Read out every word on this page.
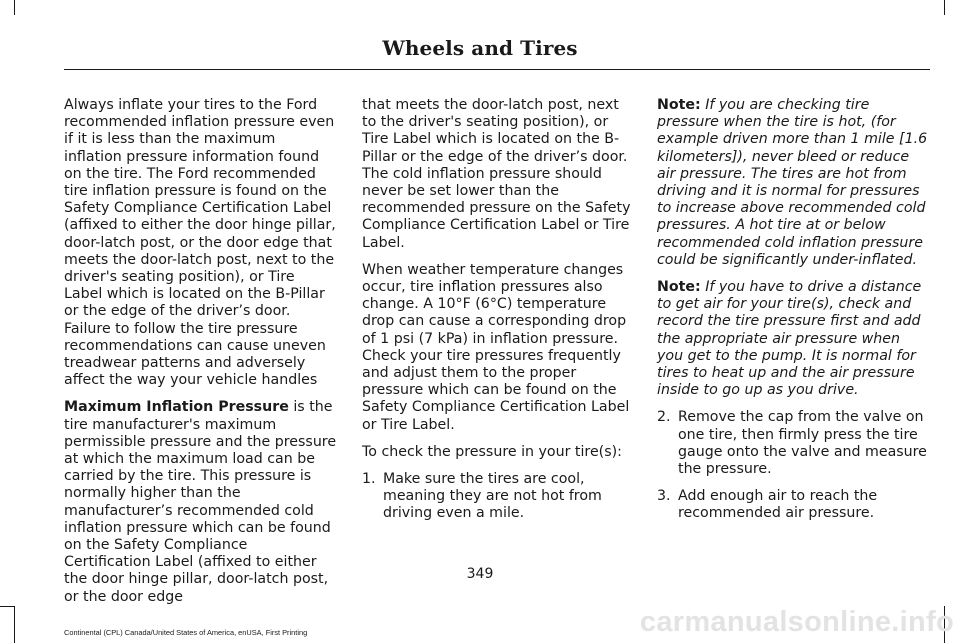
Wheels and Tires

Always inflate your tires to the Ford recommended inflation pressure even if it is less than the maximum inflation pressure information found on the tire. The Ford recommended tire inflation pressure is found on the Safety Compliance Certification Label (affixed to either the door hinge pillar, door-latch post, or the door edge that meets the door-latch post, next to the driver's seating position), or Tire Label which is located on the B-Pillar or the edge of the driver’s door. Failure to follow the tire pressure recommendations can cause uneven treadwear patterns and adversely affect the way your vehicle handles

Maximum Inflation Pressure is the tire manufacturer's maximum permissible pressure and the pressure at which the maximum load can be carried by the tire. This pressure is normally higher than the manufacturer’s recommended cold inflation pressure which can be found on the Safety Compliance Certification Label (affixed to either the door hinge pillar, door-latch post, or the door edge

that meets the door-latch post, next to the driver's seating position), or Tire Label which is located on the B-Pillar or the edge of the driver’s door. The cold inflation pressure should never be set lower than the recommended pressure on the Safety Compliance Certification Label or Tire Label.

When weather temperature changes occur, tire inflation pressures also change. A 10°F (6°C) temperature drop can cause a corresponding drop of 1 psi (7 kPa) in inflation pressure. Check your tire pressures frequently and adjust them to the proper pressure which can be found on the Safety Compliance Certification Label or Tire Label.

To check the pressure in your tire(s):

1. Make sure the tires are cool, meaning they are not hot from driving even a mile.

Note: If you are checking tire pressure when the tire is hot, (for example driven more than 1 mile [1.6 kilometers]), never bleed or reduce air pressure. The tires are hot from driving and it is normal for pressures to increase above recommended cold pressures. A hot tire at or below recommended cold inflation pressure could be significantly under-inflated.

Note: If you have to drive a distance to get air for your tire(s), check and record the tire pressure first and add the appropriate air pressure when you get to the pump. It is normal for tires to heat up and the air pressure inside to go up as you drive.

2. Remove the cap from the valve on one tire, then firmly press the tire gauge onto the valve and measure the pressure.
3. Add enough air to reach the recommended air pressure.
349
carmanualsonline.info
Continental (CPL) Canada/United States of America, enUSA, First Printing
